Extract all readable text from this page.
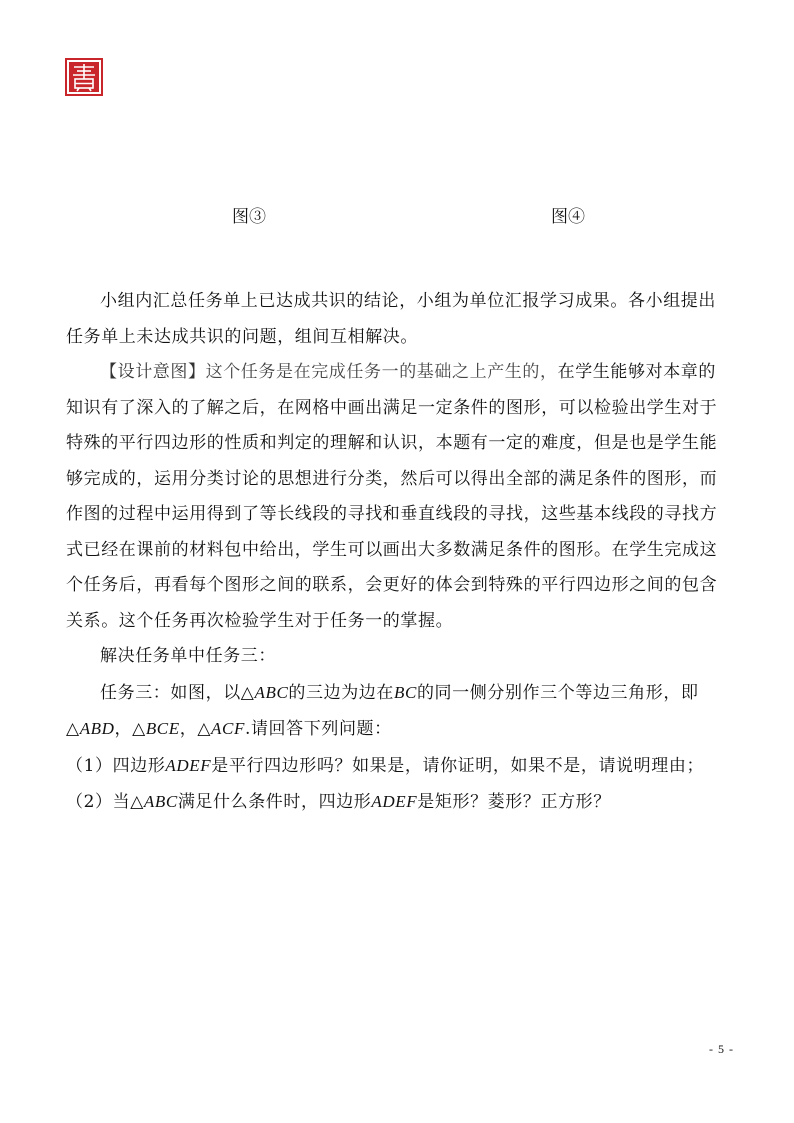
图③	图④

小组内汇总任务单上已达成共识的结论，小组为单位汇报学习成果。各小组提出任务单上未达成共识的问题，组间互相解决。

【设计意图】这个任务是在完成任务一的基础之上产生的，在学生能够对本章的知识有了深入的了解之后，在网格中画出满足一定条件的图形，可以检验出学生对于特殊的平行四边形的性质和判定的理解和认识，本题有一定的难度，但是也是学生能够完成的，运用分类讨论的思想进行分类，然后可以得出全部的满足条件的图形，而作图的过程中运用得到了等长线段的寻找和垂直线段的寻找，这些基本线段的寻找方式已经在课前的材料包中给出，学生可以画出大多数满足条件的图形。在学生完成这个任务后，再看每个图形之间的联系，会更好的体会到特殊的平行四边形之间的包含关系。这个任务再次检验学生对于任务一的掌握。

解决任务单中任务三：

任务三：如图，以△ABC的三边为边在BC的同一侧分别作三个等边三角形，即△ABD，△BCE，△ACF.请回答下列问题：

（1）四边形ADEF是平行四边形吗？如果是，请你证明，如果不是，请说明理由；

（2）当△ABC满足什么条件时，四边形ADEF是矩形？菱形？正方形？

- 5 -
